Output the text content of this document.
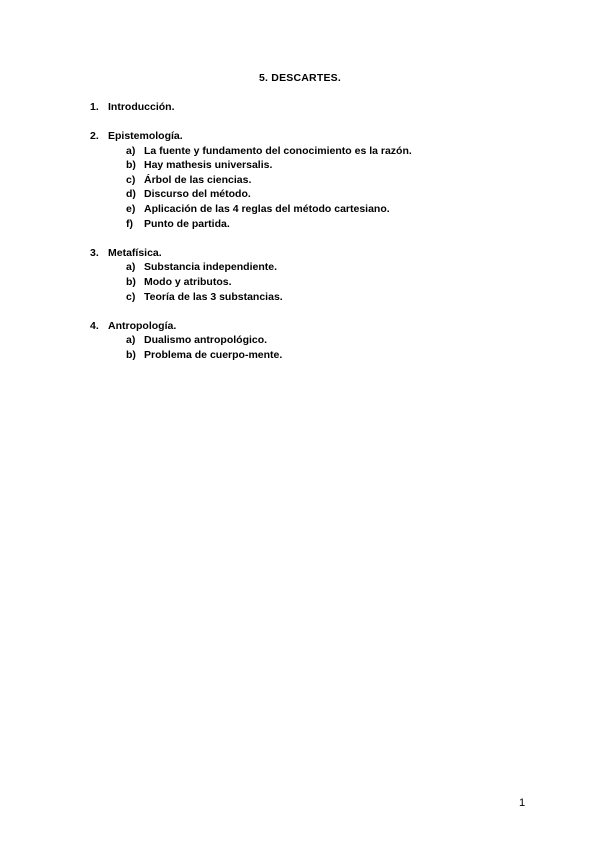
5. DESCARTES.
1. Introducción.
2. Epistemología.
a) La fuente y fundamento del conocimiento es la razón.
b) Hay mathesis universalis.
c) Árbol de las ciencias.
d) Discurso del método.
e) Aplicación de las 4 reglas del método cartesiano.
f)	Punto de partida.
3. Metafísica.
a) Substancia independiente.
b) Modo y atributos.
c) Teoría de las 3 substancias.
4. Antropología.
a) Dualismo antropológico.
b) Problema de cuerpo-mente.
1
